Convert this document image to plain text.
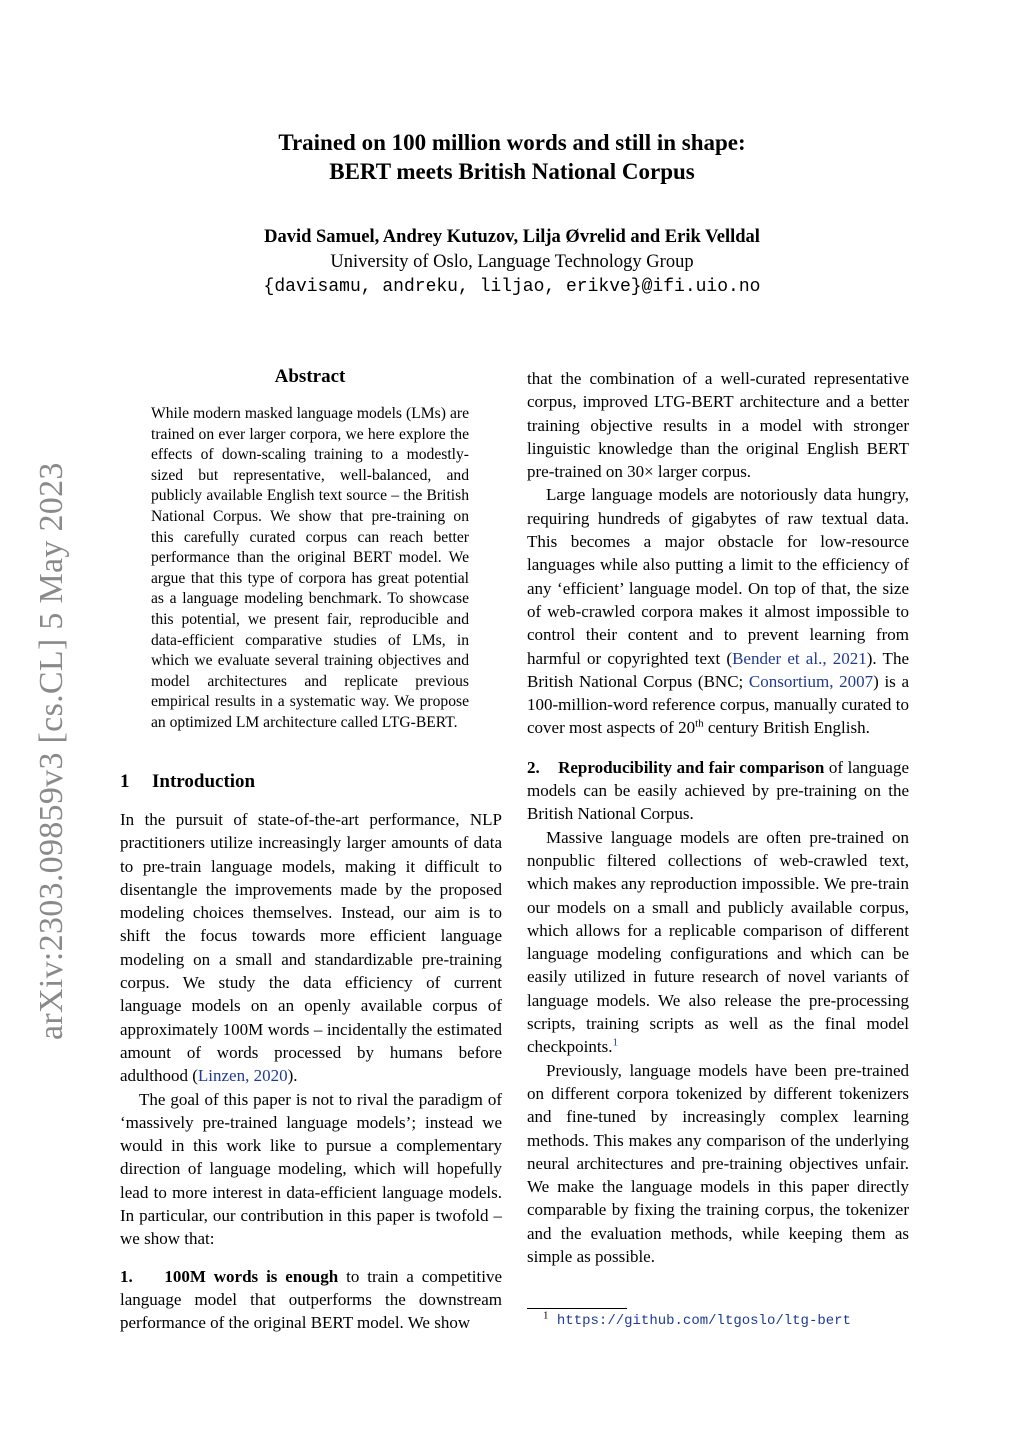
arXiv:2303.09859v3 [cs.CL] 5 May 2023
Trained on 100 million words and still in shape:
BERT meets British National Corpus
David Samuel, Andrey Kutuzov, Lilja Øvrelid and Erik Velldal
University of Oslo, Language Technology Group
{davisamu, andreku, liljao, erikve}@ifi.uio.no
Abstract
While modern masked language models (LMs) are trained on ever larger corpora, we here explore the effects of down-scaling training to a modestly-sized but representative, well-balanced, and publicly available English text source – the British National Corpus. We show that pre-training on this carefully curated corpus can reach better performance than the original BERT model. We argue that this type of corpora has great potential as a language modeling benchmark. To showcase this potential, we present fair, reproducible and data-efficient comparative studies of LMs, in which we evaluate several training objectives and model architectures and replicate previous empirical results in a systematic way. We propose an optimized LM architecture called LTG-BERT.
1 Introduction

In the pursuit of state-of-the-art performance, NLP practitioners utilize increasingly larger amounts of data to pre-train language models, making it difficult to disentangle the improvements made by the proposed modeling choices themselves. Instead, our aim is to shift the focus towards more efficient language modeling on a small and standardizable pre-training corpus. We study the data efficiency of current language models on an openly available corpus of approximately 100M words – incidentally the estimated amount of words processed by humans before adulthood (Linzen, 2020).

The goal of this paper is not to rival the paradigm of ‘massively pre-trained language models’; instead we would in this work like to pursue a complementary direction of language modeling, which will hopefully lead to more interest in data-efficient language models. In particular, our contribution in this paper is twofold – we show that:

1.    100M words is enough to train a competitive language model that outperforms the downstream performance of the original BERT model. We show

that the combination of a well-curated representative corpus, improved LTG-BERT architecture and a better training objective results in a model with stronger linguistic knowledge than the original English BERT pre-trained on 30× larger corpus.

Large language models are notoriously data hungry, requiring hundreds of gigabytes of raw textual data. This becomes a major obstacle for low-resource languages while also putting a limit to the efficiency of any ‘efficient’ language model. On top of that, the size of web-crawled corpora makes it almost impossible to control their content and to prevent learning from harmful or copyrighted text (Bender et al., 2021). The British National Corpus (BNC; Consortium, 2007) is a 100-million-word reference corpus, manually curated to cover most aspects of 20th century British English.

2.    Reproducibility and fair comparison of language models can be easily achieved by pre-training on the British National Corpus.

Massive language models are often pre-trained on nonpublic filtered collections of web-crawled text, which makes any reproduction impossible. We pre-train our models on a small and publicly available corpus, which allows for a replicable comparison of different language modeling configurations and which can be easily utilized in future research of novel variants of language models. We also release the pre-processing scripts, training scripts as well as the final model checkpoints.$^1$

Previously, language models have been pre-trained on different corpora tokenized by different tokenizers and fine-tuned by increasingly complex learning methods. This makes any comparison of the underlying neural architectures and pre-training objectives unfair. We make the language models in this paper directly comparable by fixing the training corpus, the tokenizer and the evaluation methods, while keeping them as simple as possible.

$^1$ https://github.com/ltgoslo/ltg-bert
